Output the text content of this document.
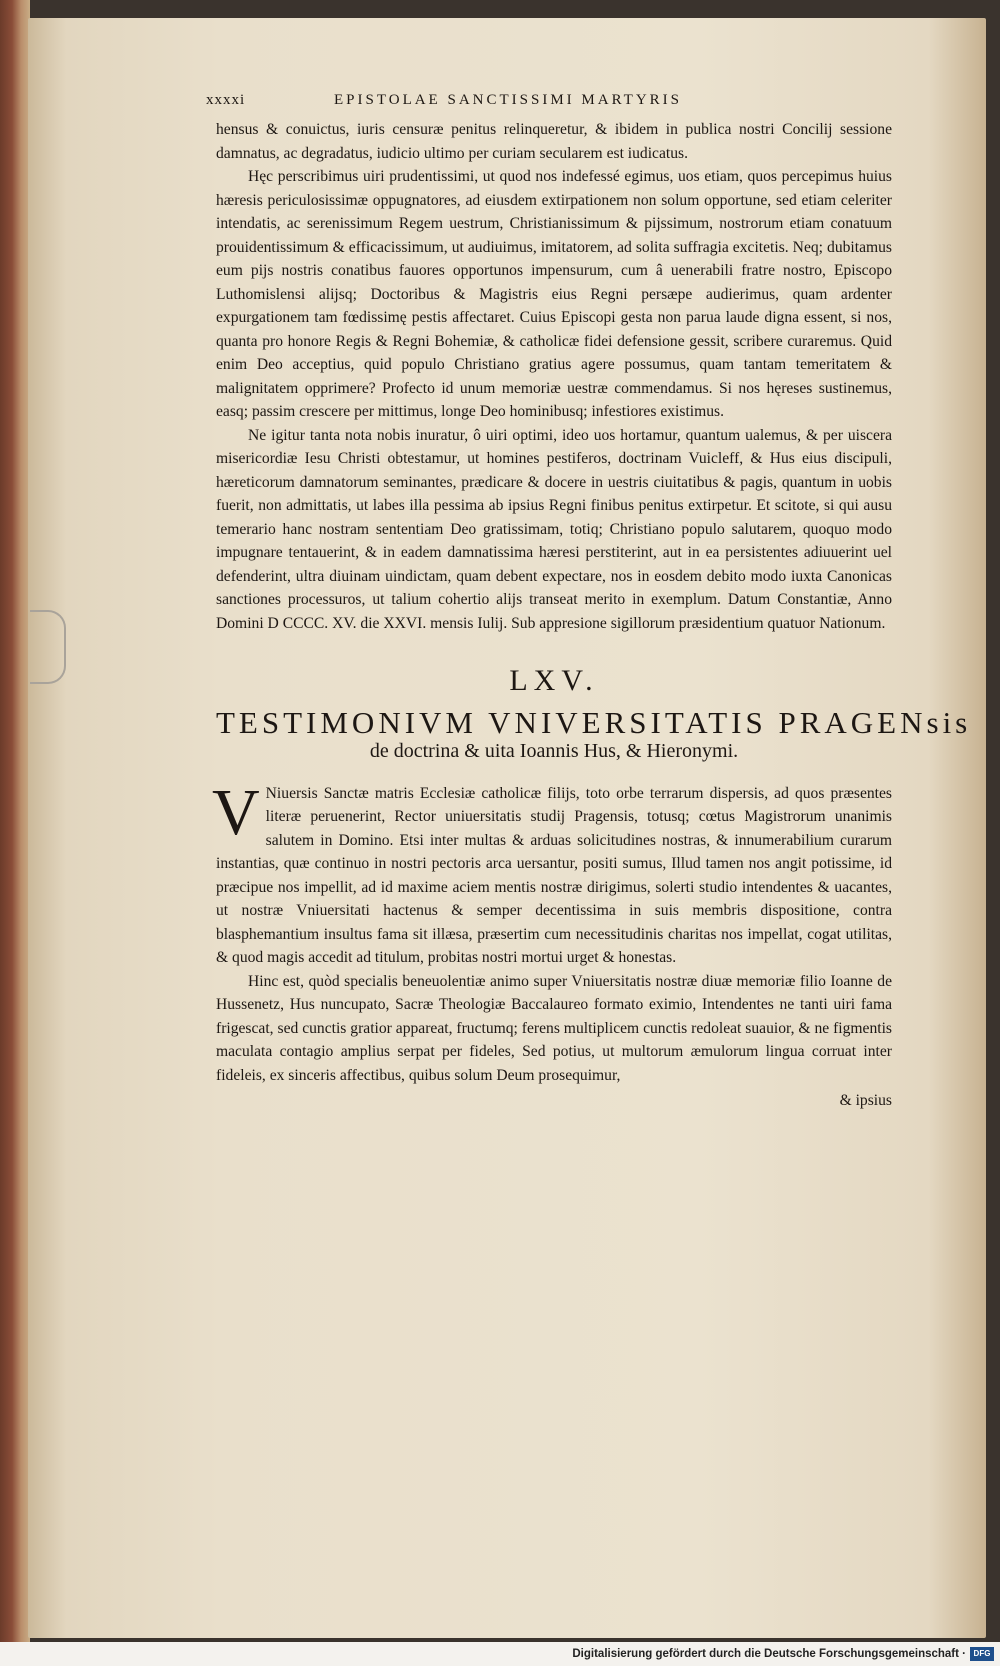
xxxxi	EPISTOLAE SANCTISSIMI MARTYRIS

hensus & conuictus, iuris censuræ penitus relinqueretur, & ibidem in publica nostri Concilij sessione damnatus, ac degradatus, iudicio ultimo per curiam secularem est iudicatus.

Hęc perscribimus uiri prudentissimi, ut quod nos indefessé egimus, uos etiam, quos percepimus huius hæresis periculosissimæ oppugnatores, ad eiusdem extirpationem non solum opportune, sed etiam celeriter intendatis, ac serenissimum Regem uestrum, Christianissimum & pijssimum, nostrorum etiam conatuum prouidentissimum & efficacissimum, ut audiuimus, imitatorem, ad solita suffragia excitetis. Neq; dubitamus eum pijs nostris conatibus fauores opportunos impensurum, cum â uenerabili fratre nostro, Episcopo Luthomislensi alijsq; Doctoribus & Magistris eius Regni persæpe audierimus, quam ardenter expurgationem tam fœdissimę pestis affectaret. Cuius Episcopi gesta non parua laude digna essent, si nos, quanta pro honore Regis & Regni Bohemiæ, & catholicæ fidei defensione gessit, scribere curaremus. Quid enim Deo acceptius, quid populo Christiano gratius agere possumus, quam tantam temeritatem & malignitatem opprimere? Profecto id unum memoriæ uestræ commendamus. Si nos hęreses sustinemus, easq; passim crescere per mittimus, longe Deo hominibusq; infestiores existimus.

Ne igitur tanta nota nobis inuratur, ô uiri optimi, ideo uos hortamur, quantum ualemus, & per uiscera misericordiæ Iesu Christi obtestamur, ut homines pestiferos, doctrinam Vuicleff, & Hus eius discipuli, hæreticorum damnatorum seminantes, prædicare & docere in uestris ciuitatibus & pagis, quantum in uobis fuerit, non admittatis, ut labes illa pessima ab ipsius Regni finibus penitus extirpetur. Et scitote, si qui ausu temerario hanc nostram sententiam Deo gratissimam, totiq; Christiano populo salutarem, quoquo modo impugnare tentauerint, & in eadem damnatissima hæresi perstiterint, aut in ea persistentes adiuuerint uel defenderint, ultra diuinam uindictam, quam debent expectare, nos in eosdem debito modo iuxta Canonicas sanctiones processuros, ut talium cohertio alijs transeat merito in exemplum. Datum Constantiæ, Anno Domini D CCCC. XV. die XXVI. mensis Iulij. Sub appresione sigillorum præsidentium quatuor Nationum.

LXV.
TESTIMONIVM VNIVERSITATIS PRAGENsis
de doctrina & uita Ioannis Hus, & Hieronymi.
V Niuersis Sanctæ matris Ecclesiæ catholicæ filijs, toto orbe terrarum dispersis, ad quos præsentes literæ peruenerint, Rector uniuersitatis studij Pragensis, totusq; cœtus Magistrorum unanimis salutem in Domino. Etsi inter multas & arduas solicitudines nostras, & innumerabilium curarum instantias, quæ continuo in nostri pectoris arca uersantur, positi sumus, Illud tamen nos angit potissime, id præcipue nos impellit, ad id maxime aciem mentis nostræ dirigimus, solerti studio intendentes & uacantes, ut nostræ Vniuersitati hactenus & semper decentissima in suis membris dispositione, contra blasphemantium insultus fama sit illæsa, præsertim cum necessitudinis charitas nos impellat, cogat utilitas, & quod magis accedit ad titulum, probitas nostri mortui urget & honestas.

Hinc est, quòd specialis beneuolentiæ animo super Vniuersitatis nostræ diuæ memoriæ filio Ioanne de Hussenetz, Hus nuncupato, Sacræ Theologiæ Baccalaureo formato eximio, Intendentes ne tanti uiri fama frigescat, sed cunctis gratior appareat, fructumq; ferens multiplicem cunctis redoleat suauior, & ne figmentis maculata contagio amplius serpat per fideles, Sed potius, ut multorum æmulorum lingua corruat inter fideleis, ex sinceris affectibus, quibus solum Deum prosequimur,

& ipsius
Digitalisierung gefördert durch die Deutsche Forschungsgemeinschaft · DFG
